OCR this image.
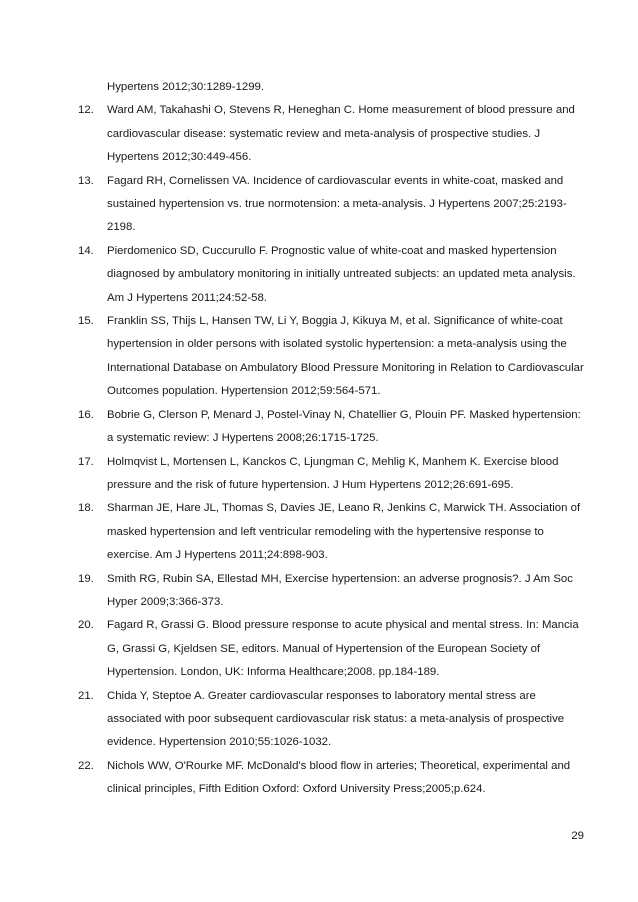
Hypertens 2012;30:1289-1299.
12. Ward AM, Takahashi O, Stevens R, Heneghan C. Home measurement of blood pressure and
cardiovascular disease: systematic review and meta-analysis of prospective studies. J
Hypertens 2012;30:449-456.
13. Fagard RH, Cornelissen VA. Incidence of cardiovascular events in white-coat, masked and
sustained hypertension vs. true normotension: a meta-analysis. J Hypertens 2007;25:2193-
2198.
14. Pierdomenico SD, Cuccurullo F. Prognostic value of white-coat and masked hypertension
diagnosed by ambulatory monitoring in initially untreated subjects: an updated meta analysis.
Am J Hypertens 2011;24:52-58.
15. Franklin SS, Thijs L, Hansen TW, Li Y, Boggia J, Kikuya M, et al. Significance of white-coat
hypertension in older persons with isolated systolic hypertension: a meta-analysis using the
International Database on Ambulatory Blood Pressure Monitoring in Relation to Cardiovascular
Outcomes population. Hypertension 2012;59:564-571.
16. Bobrie G, Clerson P, Menard J, Postel-Vinay N, Chatellier G, Plouin PF. Masked hypertension:
a systematic review: J Hypertens 2008;26:1715-1725.
17. Holmqvist L, Mortensen L, Kanckos C, Ljungman C, Mehlig K, Manhem K. Exercise blood
pressure and the risk of future hypertension. J Hum Hypertens 2012;26:691-695.
18. Sharman JE, Hare JL, Thomas S, Davies JE, Leano R, Jenkins C, Marwick TH. Association of
masked hypertension and left ventricular remodeling with the hypertensive response to
exercise. Am J Hypertens 2011;24:898-903.
19. Smith RG, Rubin SA, Ellestad MH, Exercise hypertension: an adverse prognosis?. J Am Soc
Hyper 2009;3:366-373.
20. Fagard R, Grassi G. Blood pressure response to acute physical and mental stress. In: Mancia
G, Grassi G, Kjeldsen SE, editors. Manual of Hypertension of the European Society of
Hypertension. London, UK: Informa Healthcare;2008. pp.184-189.
21. Chida Y, Steptoe A. Greater cardiovascular responses to laboratory mental stress are
associated with poor subsequent cardiovascular risk status: a meta-analysis of prospective
evidence. Hypertension 2010;55:1026-1032.
22. Nichols WW, O'Rourke MF. McDonald's blood flow in arteries; Theoretical, experimental and
clinical principles, Fifth Edition Oxford: Oxford University Press;2005;p.624.
29
